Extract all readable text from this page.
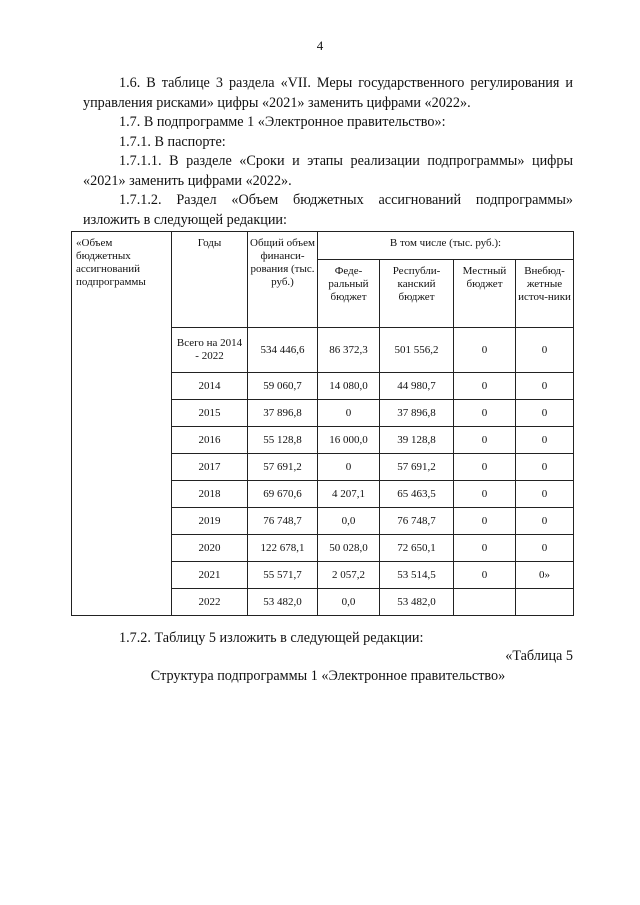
4

1.6. В таблице 3 раздела «VII. Меры государственного регулирования и управления рисками» цифры «2021» заменить цифрами «2022».

1.7. В подпрограмме 1 «Электронное правительство»:

1.7.1. В паспорте:

1.7.1.1. В разделе «Сроки и этапы реализации подпрограммы» цифры «2021» заменить цифрами «2022».

1.7.1.2. Раздел «Объем бюджетных ассигнований подпрограммы» изложить в следующей редакции:

«Объем бюджетных ассигнований подпрограммы	Годы	Общий объем финанси-рования (тыс. руб.)	В том числе (тыс. руб.):			
			Феде-ральный бюджет	Республи-канский бюджет	Местный бюджет	Внебюд-жетные источ-ники
	Всего на 2014 - 2022	534 446,6	86 372,3	501 556,2	0	0
	2014	59 060,7	14 080,0	44 980,7	0	0
	2015	37 896,8	0	37 896,8	0	0
	2016	55 128,8	16 000,0	39 128,8	0	0
	2017	57 691,2	0	57 691,2	0	0
	2018	69 670,6	4 207,1	65 463,5	0	0
	2019	76 748,7	0,0	76 748,7	0	0
	2020	122 678,1	50 028,0	72 650,1	0	0
	2021	55 571,7	2 057,2	53 514,5	0	0»
	2022	53 482,0	0,0	53 482,0		
1.7.2. Таблицу 5 изложить в следующей редакции:
«Таблица 5
Структура подпрограммы 1 «Электронное правительство»
